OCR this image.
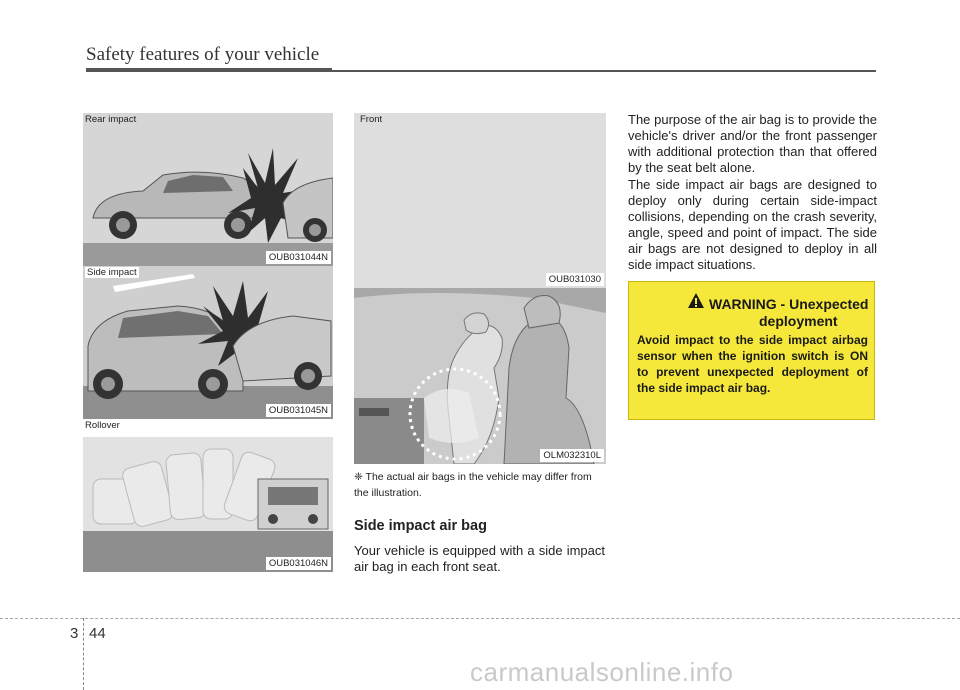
Safety features of your vehicle
Rear impact
OUB031044N
Side impact
OUB031045N
Rollover
OUB031046N
Front
OUB031030
OLM032310L
❈ The actual air bags in the vehicle may differ from the illustration.
Side impact air bag
Your vehicle is equipped with a side impact air bag in each front seat.
The purpose of the air bag is to provide the vehicle's driver and/or the front passenger with additional protection than that offered by the seat belt alone.
The side impact air bags are designed to deploy only during certain side-impact collisions, depending on the crash severity, angle, speed and point of impact. The side air bags are not designed to deploy in all side impact situations.
WARNING - Unexpected
deployment
Avoid impact to the side impact airbag sensor when the ignition switch is ON to prevent unexpected deployment of the side impact air bag.
3 44
carmanualsonline.info
